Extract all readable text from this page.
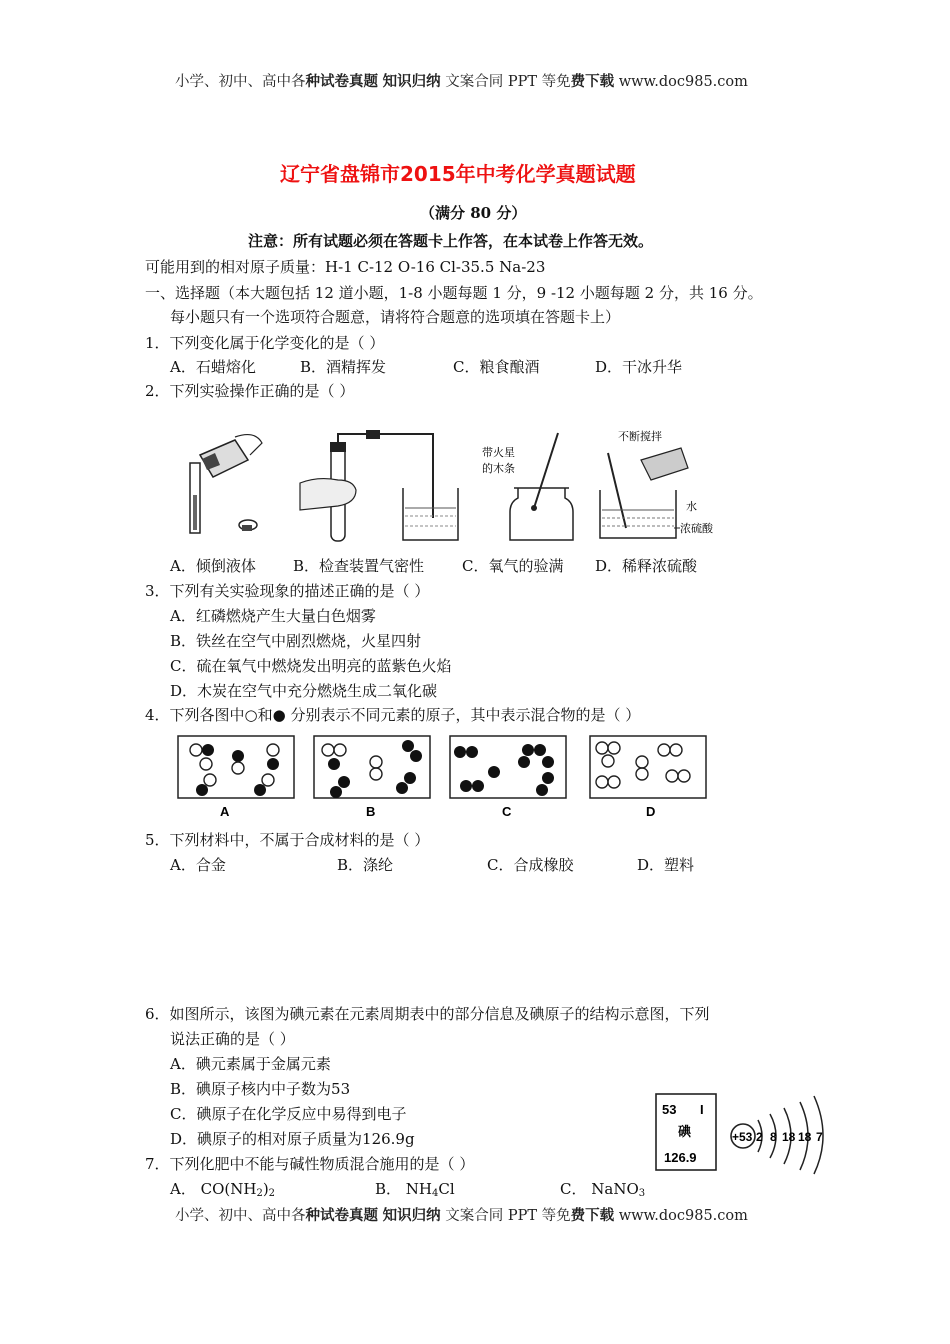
小学、初中、高中各种试卷真题 知识归纳 文案合同 PPT 等免费下载 www.doc985.com
辽宁省盘锦市2015年中考化学真题试题
（满分 80 分）
注意：所有试题必须在答题卡上作答，在本试卷上作答无效。
可能用到的相对原子质量：H-1 C-12 O-16 Cl-35.5 Na-23
一、选择题（本大题包括 12 道小题，1-8 小题每题 1 分，9 -12 小题每题 2 分，共 16 分。
每小题只有一个选项符合题意，请将符合题意的选项填在答题卡上）
1．下列变化属于化学变化的是（ ）
A．石蜡熔化	B．酒精挥发	C．粮食酿酒	D．干冰升华
2．下列实验操作正确的是（ ）
带火星
的木条
不断搅拌
水
浓硫酸
A．倾倒液体 B．检查装置气密性	C．氧气的验满 D．稀释浓硫酸
3．下列有关实验现象的描述正确的是（ ）
A．红磷燃烧产生大量白色烟雾
B．铁丝在空气中剧烈燃烧，火星四射
C．硫在氧气中燃烧发出明亮的蓝紫色火焰
D．木炭在空气中充分燃烧生成二氧化碳
4．下列各图中○和● 分别表示不同元素的原子，其中表示混合物的是（ ）
A	B	C	D
5．下列材料中，不属于合成材料的是（ ）
A．合金	B．涤纶	C．合成橡胶	D．塑料
6．如图所示，该图为碘元素在元素周期表中的部分信息及碘原子的结构示意图，下列
说法正确的是（ ）
A．碘元素属于金属元素
B．碘原子核内中子数为53
C．碘原子在化学反应中易得到电子
D．碘原子的相对原子质量为126.9g
53 I
碘
126.9
+53 2 8 18 18 7
7．下列化肥中不能与碱性物质混合施用的是（ ）
A． $CO(NH_2)_2$	B． $NH_4Cl$	C． NaNO$_3$
小学、初中、高中各种试卷真题 知识归纳 文案合同 PPT 等免费下载 www.doc985.com
